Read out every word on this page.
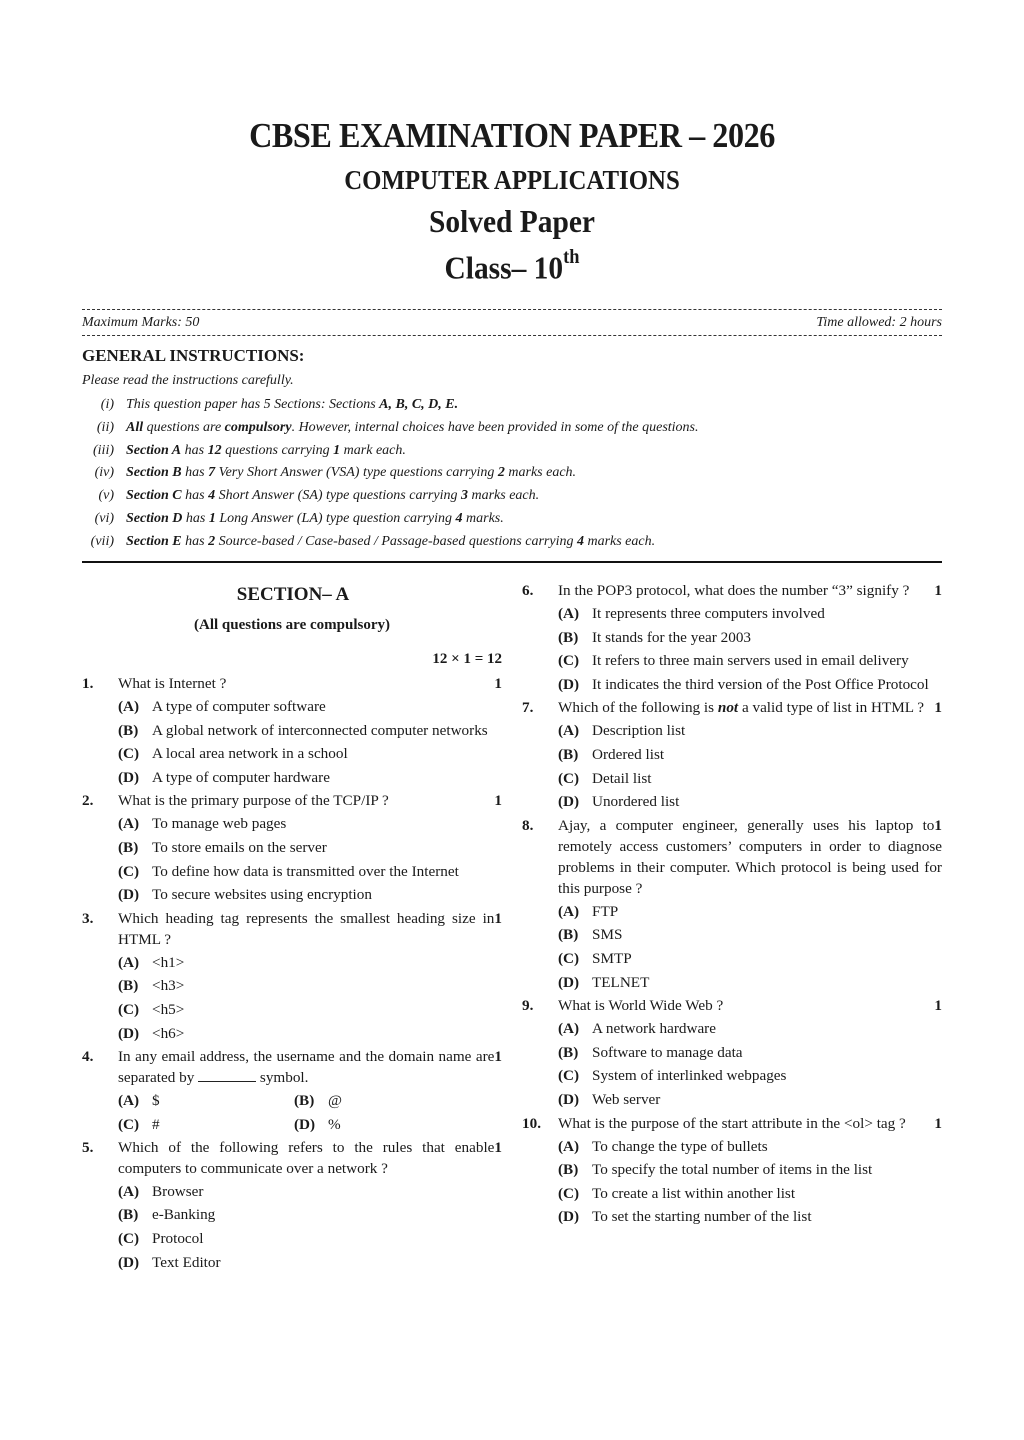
CBSE EXAMINATION PAPER – 2026
COMPUTER APPLICATIONS
Solved Paper
Class– 10th
Maximum Marks: 50	Time allowed: 2 hours
GENERAL INSTRUCTIONS:
Please read the instructions carefully.
(i) This question paper has 5 Sections: Sections A, B, C, D, E.
(ii) All questions are compulsory. However, internal choices have been provided in some of the questions.
(iii) Section A has 12 questions carrying 1 mark each.
(iv) Section B has 7 Very Short Answer (VSA) type questions carrying 2 marks each.
(v) Section C has 4 Short Answer (SA) type questions carrying 3 marks each.
(vi) Section D has 1 Long Answer (LA) type question carrying 4 marks.
(vii) Section E has 2 Source-based / Case-based / Passage-based questions carrying 4 marks each.
SECTION– A
(All questions are compulsory)
12 × 1 = 12
1.	1
What is Internet ?
(A) A type of computer software
(B) A global network of interconnected computer networks
(C) A local area network in a school
(D) A type of computer hardware
2.	1
What is the primary purpose of the TCP/IP ?
(A) To manage web pages
(B) To store emails on the server
(C) To define how data is transmitted over the Internet
(D) To secure websites using encryption
3.	1
Which heading tag represents the smallest heading size in HTML ?
(A) <h1>
(B) <h3>
(C) <h5>
(D) <h6>
4.	1
In any email address, the username and the domain name are separated by	symbol.
(A) $	(B) @
(C) #	(D) %
5.	1
Which of the following refers to the rules that enable computers to communicate over a network ?
(A) Browser
(B) e-Banking
(C) Protocol
(D) Text Editor
6. In the POP3 protocol, what does the number “3” signify ?	1
(A) It represents three computers involved
(B) It stands for the year 2003
(C) It refers to three main servers used in email delivery
(D) It indicates the third version of the Post Office Protocol
7. Which of the following is not a valid type of list in HTML ? 1
(A) Description list
(B) Ordered list
(C) Detail list
(D) Unordered list
8.	1
Ajay, a computer engineer, generally uses his laptop to remotely access customers’ computers in order to diagnose problems in their computer. Which protocol is being used for this purpose ?
(A) FTP
(B) SMS
(C) SMTP
(D) TELNET
9.	1
What is World Wide Web ?
(A) A network hardware
(B) Software to manage data
(C) System of interlinked webpages
(D) Web server
10.	1
What is the purpose of the start attribute in the <ol> tag ?
(A) To change the type of bullets
(B) To specify the total number of items in the list
(C) To create a list within another list
(D) To set the starting number of the list
